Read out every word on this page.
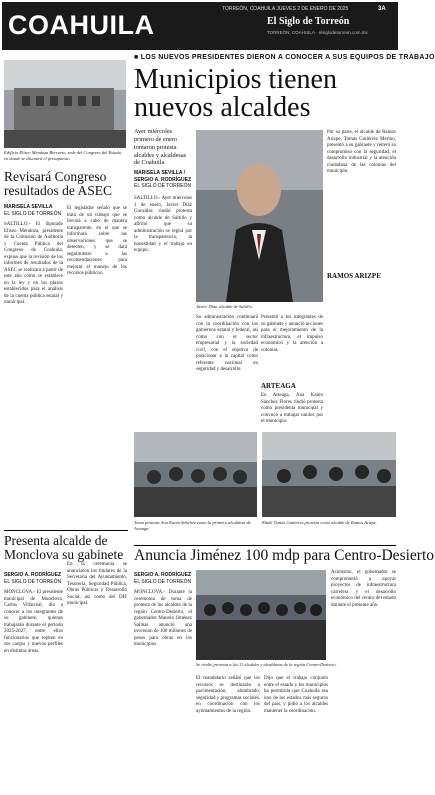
COAHUILA
TORREÓN, COAHUILA JUEVES 2 DE ENERO DE 2025
El Siglo de Torreón
TORREÓN, COAHUILA · elsiglodetorreon.com.mx
3A
Edificio Eliseo Mendoza Berrueto, sede del Congreso del Estado, en donde se discutirá el presupuesto.
Revisará Congreso resultados de ASEC
MARISELA SEVILLA
EL SIGLO DE TORREÓN
SALTILLO.- El diputado Eliseo Mendoza, presidente de la Comisión de Auditoría y Cuenta Pública del Congreso de Coahuila, expuso que la revisión de los informes de resultados de la ASEC se realizará a partir de este año como se establece en la ley y en los plazos establecidos para el análisis de la cuenta pública estatal y municipal.
El legislador señaló que se trata de un trabajo que se llevará a cabo de manera transparente, en el que se informará sobre las observaciones que se detecten, y se dará seguimiento a las recomendaciones para mejorar el manejo de los recursos públicos.
■ LOS NUEVOS PRESIDENTES DIERON A CONOCER A SUS EQUIPOS DE TRABAJO
Municipios tienen nuevos alcaldes
Ayer miércoles primero de enero tomaron protesta alcaldes y alcaldesas de Coahuila
MARISELA SEVILLA / SERGIO A. RODRÍGUEZ
EL SIGLO DE TORREÓN
SALTILLO.- Ayer miércoles 1 de enero, Javier Díaz González rindió protesta como alcalde de Saltillo y afirmó que su administración se regirá por la transparencia, la honestidad y el trabajo en equipo.
Javier Díaz, alcalde de Saltillo.
Su administración continuará con la coordinación con los gobiernos estatal y federal, así como con el sector empresarial y la sociedad civil, con el objetivo de posicionar a la capital como referente nacional en seguridad y desarrollo.
Presentó a los integrantes de su gabinete y anunció acciones para el mejoramiento de la infraestructura, el impulso económico y la atención a colonias.
ARTEAGA
En Arteaga, Ana Karen Sánchez Flores rindió protesta como presidenta municipal y convocó a trabajar unidos por el municipio.
Por su parte, el alcalde de Ramos Arizpe, Tomás Gutiérrez Merino, presentó a su gabinete y reiteró su compromiso con la seguridad, el desarrollo industrial y la atención ciudadana de las colonias del municipio.
RAMOS ARIZPE
Toma protesta Ana Karen Sánchez como la primera alcaldesa de Arteaga.
Rinde Tomás Gutiérrez protesta como alcalde de Ramos Arizpe.
Presenta alcalde de Monclova su gabinete
SERGIO A. RODRÍGUEZ
EL SIGLO DE TORREÓN
MONCLOVA.- El presidente municipal de Monclova, Carlos Villarreal, dio a conocer a los integrantes de su gabinete, quienes trabajarán durante el periodo 2025-2027, entre ellos funcionarios que repiten en sus cargos y nuevos perfiles en distintas áreas.
En la ceremonia se anunciaron los titulares de la Secretaría del Ayuntamiento, Tesorería, Seguridad Pública, Obras Públicas y Desarrollo Social, así como del DIF municipal.
Anuncia Jiménez 100 mdp para Centro-Desierto
SERGIO A. RODRÍGUEZ
EL SIGLO DE TORREÓN
MONCLOVA.- Durante la ceremonia de toma de protesta de los alcaldes de la región Centro-Desierto, el gobernador Manolo Jiménez Salinas anunció una inversión de 100 millones de pesos para obras en los municipios.
Se rindió protesta a los 11 alcaldes y alcaldesas de la región Centro-Desierto.
El mandatario señaló que los recursos se destinarán a pavimentación, alumbrado, seguridad y programas sociales, en coordinación con los ayuntamientos de la región.
Dijo que el trabajo conjunto entre el estado y los municipios ha permitido que Coahuila sea uno de los estados más seguros del país, y pidió a los alcaldes mantener la coordinación.
Asimismo, el gobernador se comprometió a apoyar proyectos de infraestructura carretera y el desarrollo económico del centro del estado durante el presente año.
